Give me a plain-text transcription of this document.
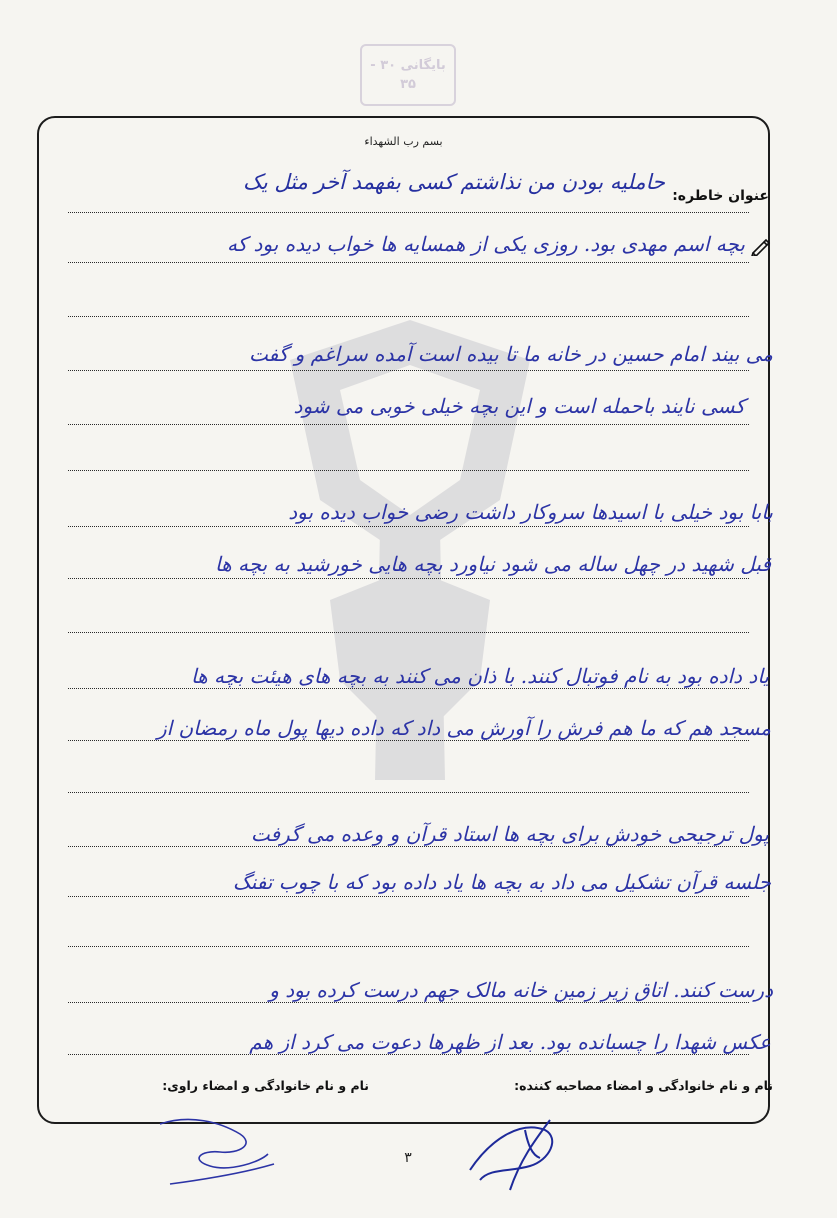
بایگانی ۳۰ - ۳۵
بسم رب الشهداء
عنوان خاطره:
حاملیه بودن من نذاشتم کسی بفهمد آخر مثل یک
بچه اسم مهدی بود. روزی یکی از همسایه ها خواب دیده بود که
می بیند امام حسین در خانه ما تا بیده است آمده سراغم و گفت
کسی نایند باحمله است و این بچه خیلی خوبی می شود
بابا بود خیلی با اسیدها سروکار داشت رضی خواب دیده بود
قبل شهید در چهل ساله می شود نیاورد بچه هایی خورشید به بچه ها
یاد داده بود به نام فوتبال کنند. با ذان می کنند به بچه های هیئت بچه ها
مسجد هم که ما هم فرش را آورش می داد که داده دیها پول ماه رمضان از
پول ترجیحی خودش برای بچه ها استاد قرآن و وعده می گرفت
جلسه قرآن تشکیل می داد به بچه ها یاد داده بود که با چوب تفنگ
درست کنند. اتاق زیر زمین خانه مالک جهم درست کرده بود و
عکس شهدا را چسبانده بود. بعد از ظهرها دعوت می کرد از هم
نام و نام خانوادگی و امضاء مصاحبه کننده:
نام و نام خانوادگی و امضاء راوی:
۳
